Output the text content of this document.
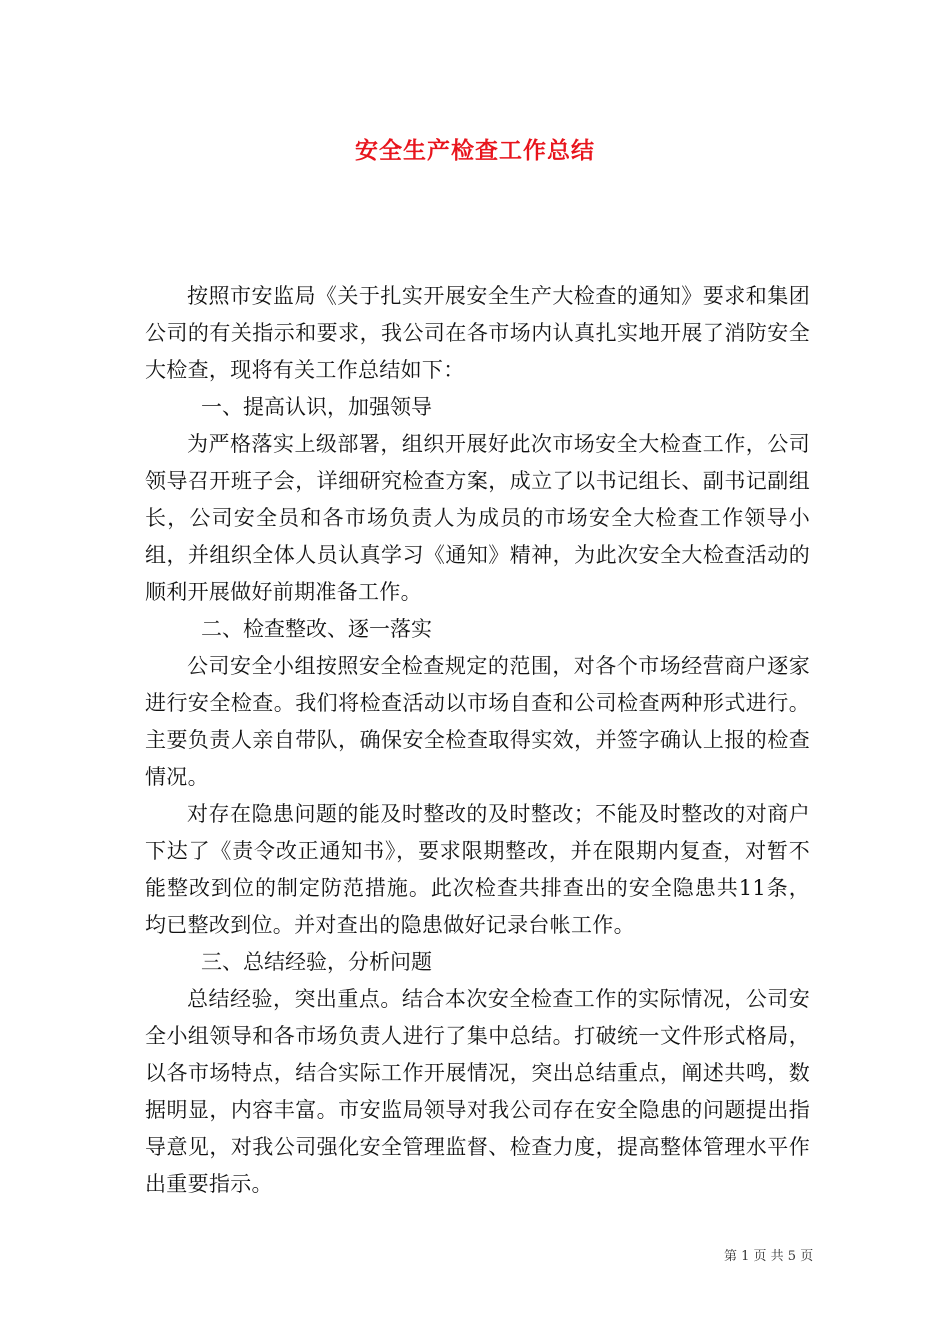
安全生产检查工作总结

按照市安监局《关于扎实开展安全生产大检查的通知》要求和集团公司的有关指示和要求，我公司在各市场内认真扎实地开展了消防安全大检查，现将有关工作总结如下：

一、提高认识，加强领导

为严格落实上级部署，组织开展好此次市场安全大检查工作，公司领导召开班子会，详细研究检查方案，成立了以书记组长、副书记副组长，公司安全员和各市场负责人为成员的市场安全大检查工作领导小组，并组织全体人员认真学习《通知》精神，为此次安全大检查活动的顺利开展做好前期准备工作。

二、检查整改、逐一落实

公司安全小组按照安全检查规定的范围，对各个市场经营商户逐家进行安全检查。我们将检查活动以市场自查和公司检查两种形式进行。主要负责人亲自带队，确保安全检查取得实效，并签字确认上报的检查情况。

对存在隐患问题的能及时整改的及时整改；不能及时整改的对商户下达了《责令改正通知书》，要求限期整改，并在限期内复查，对暂不能整改到位的制定防范措施。此次检查共排查出的安全隐患共11条，均已整改到位。并对查出的隐患做好记录台帐工作。

三、总结经验，分析问题

总结经验，突出重点。结合本次安全检查工作的实际情况，公司安全小组领导和各市场负责人进行了集中总结。打破统一文件形式格局，以各市场特点，结合实际工作开展情况，突出总结重点，阐述共鸣，数据明显，内容丰富。市安监局领导对我公司存在安全隐患的问题提出指导意见，对我公司强化安全管理监督、检查力度，提高整体管理水平作出重要指示。

第 1 页 共 5 页
